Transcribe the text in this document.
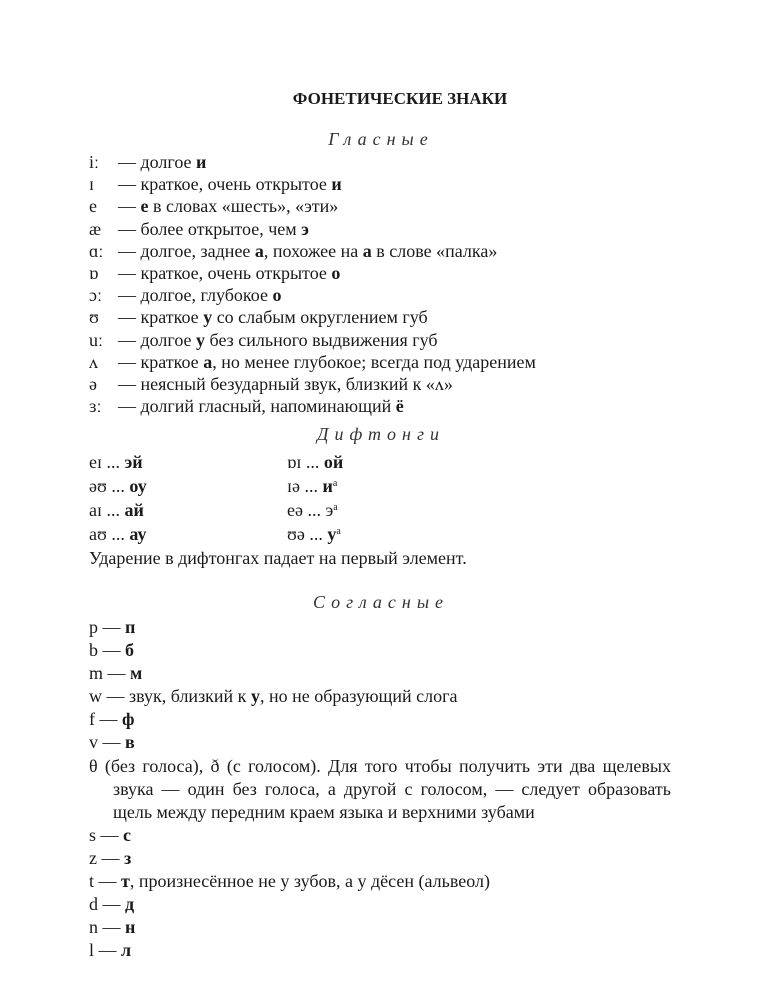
ФОНЕТИЧЕСКИЕ ЗНАКИ
Гласные
iː — долгое и
ɪ — краткое, очень открытое и
e — е в словах «шесть», «эти»
æ — более открытое, чем э
ɑː — долгое, заднее а, похожее на а в слове «палка»
ɒ — краткое, очень открытое о
ɔː — долгое, глубокое о
ʊ — краткое у со слабым округлением губ
uː — долгое у без сильного выдвижения губ
ʌ — краткое а, но менее глубокое; всегда под ударением
ə — неясный безударный звук, близкий к «ʌ»
ɜː — долгий гласный, напоминающий ё
Дифтонги
eɪ ... эй	ɒɪ ... ой
əʊ ... оу	ɪə ... $и^а$
aɪ ... ай	eə ... $э^а$
aʊ ... ау	ʊə ... $у^а$
Ударение в дифтонгах падает на первый элемент.
Согласные
p — п
b — б
m — м
w — звук, близкий к у, но не образующий слога
f — ф
v — в
θ (без голоса), ð (с голосом). Для того чтобы получить эти два щелевых звука — один без голоса, а другой с голосом, — следует образовать щель между передним краем языка и верхними зубами
s — с
z — з
t — т, произнесённое не у зубов, а у дёсен (альвеол)
d — д
n — н
l — л
